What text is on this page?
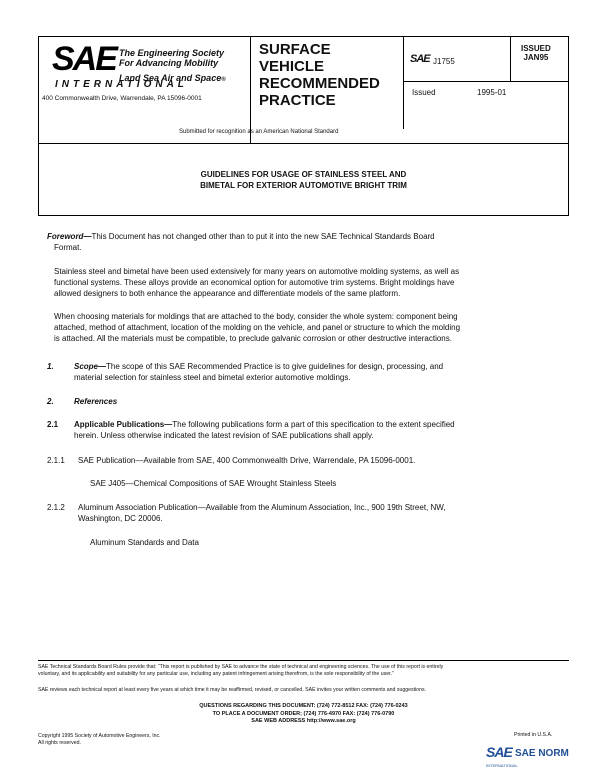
SAE The Engineering Society
For Advancing Mobility
Land Sea Air and Space®
INTERNATIONAL
400 Commonwealth Drive, Warrendale, PA 15096-0001
SURFACE
VEHICLE
RECOMMENDED
PRACTICE
SAE J1755
ISSUED
JAN95
Issued	1995-01
Submitted for recognition as an American National Standard
GUIDELINES FOR USAGE OF STAINLESS STEEL AND
BIMETAL FOR EXTERIOR AUTOMOTIVE BRIGHT TRIM
Foreword—This Document has not changed other than to put it into the new SAE Technical Standards Board
Format.
Stainless steel and bimetal have been used extensively for many years on automotive molding systems, as well as
functional systems. These alloys provide an economical option for automotive trim systems. Bright moldings have
allowed designers to both enhance the appearance and differentiate models of the same platform.
When choosing materials for moldings that are attached to the body, consider the whole system: component being
attached, method of attachment, location of the molding on the vehicle, and panel or structure to which the molding
is attached. All the materials must be compatible, to preclude galvanic corrosion or other destructive interactions.
1.	Scope—The scope of this SAE Recommended Practice is to give guidelines for design, processing, and
material selection for stainless steel and bimetal exterior automotive moldings.
2.	References
2.1 Applicable Publications—The following publications form a part of this specification to the extent specified
herein. Unless otherwise indicated the latest revision of SAE publications shall apply.
2.1.1 SAE Publication—Available from SAE, 400 Commonwealth Drive, Warrendale, PA 15096-0001.
SAE J405—Chemical Compositions of SAE Wrought Stainless Steels
2.1.2 Aluminum Association Publication—Available from the Aluminum Association, Inc., 900 19th Street, NW,
Washington, DC 20006.
Aluminum Standards and Data
SAE Technical Standards Board Rules provide that: “This report is published by SAE to advance the state of technical and engineering sciences. The use of this report is entirely
voluntary, and its applicability and suitability for any particular use, including any patent infringement arising therefrom, is the sole responsibility of the user.”
SAE reviews each technical report at least every five years at which time it may be reaffirmed, revised, or cancelled. SAE invites your written comments and suggestions.
QUESTIONS REGARDING THIS DOCUMENT: (724) 772-8512 FAX: (724) 776-0243
TO PLACE A DOCUMENT ORDER; (724) 776-4970 FAX: (724) 776-0790
SAE WEB ADDRESS http://www.sae.org
Copyright 1995 Society of Automotive Engineers, Inc.
All rights reserved.
Printed in U.S.A.
SAE SAE NORM
INTERNATIONAL
